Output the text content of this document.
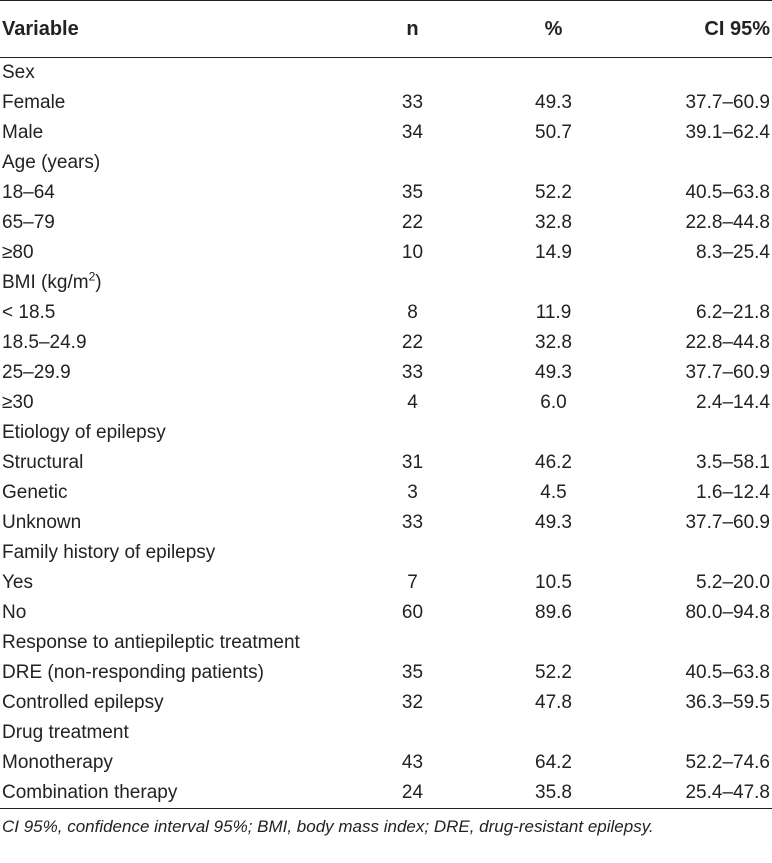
Variable	n	%	CI 95%
Sex			
Female	33	49.3	37.7–60.9
Male	34	50.7	39.1–62.4
Age (years)			
18–64	35	52.2	40.5–63.8
65–79	22	32.8	22.8–44.8
≥80	10	14.9	8.3–25.4
BMI $(kg/m^2)$			
< 18.5	8	11.9	6.2–21.8
18.5–24.9	22	32.8	22.8–44.8
25–29.9	33	49.3	37.7–60.9
≥30	4	6.0	2.4–14.4
Etiology of epilepsy			
Structural	31	46.2	3.5–58.1
Genetic	3	4.5	1.6–12.4
Unknown	33	49.3	37.7–60.9
Family history of epilepsy			
Yes	7	10.5	5.2–20.0
No	60	89.6	80.0–94.8
Response to antiepileptic treatment			
DRE (non-responding patients)	35	52.2	40.5–63.8
Controlled epilepsy	32	47.8	36.3–59.5
Drug treatment			
Monotherapy	43	64.2	52.2–74.6
Combination therapy	24	35.8	25.4–47.8
CI 95%, confidence interval 95%; BMI, body mass index; DRE, drug-resistant epilepsy.
